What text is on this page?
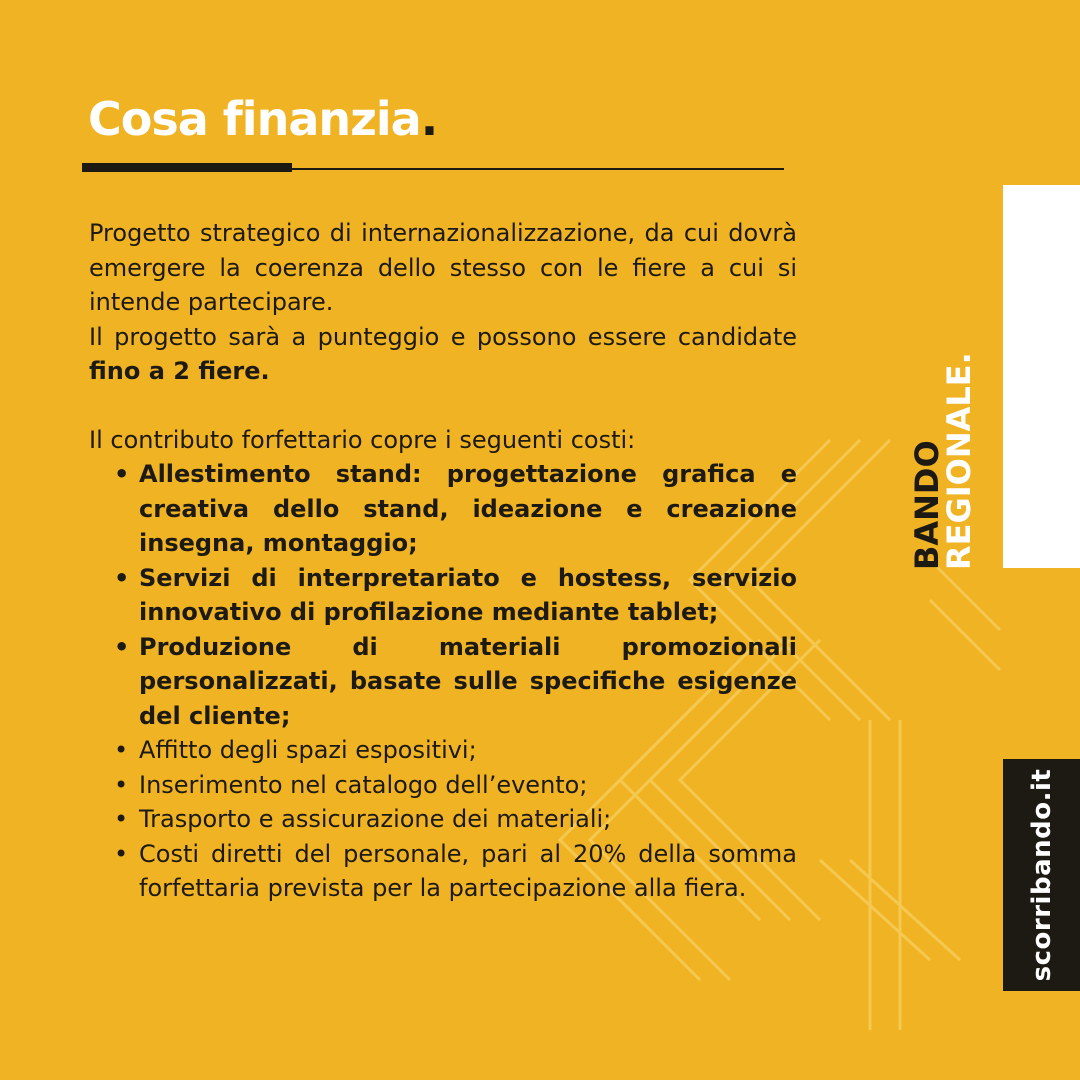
Cosa finanzia.

Progetto strategico di internazionalizzazione, da cui dovrà emergere la coerenza dello stesso con le fiere a cui si intende partecipare.

Il progetto sarà a punteggio e possono essere candidate fino a 2 fiere.

Il contributo forfettario copre i seguenti costi:

• Allestimento stand: progettazione grafica e creativa dello stand, ideazione e creazione insegna, montaggio;
• Servizi di interpretariato e hostess, servizio innovativo di profilazione mediante tablet;
• Produzione di materiali promozionali personalizzati, basate sulle specifiche esigenze del cliente;
• Affitto degli spazi espositivi;
• Inserimento nel catalogo dell’evento;
• Trasporto e assicurazione dei materiali;
• Costi diretti del personale, pari al 20% della somma forfettaria prevista per la partecipazione alla fiera.
BANDO
REGIONALE.
scorribando.it
